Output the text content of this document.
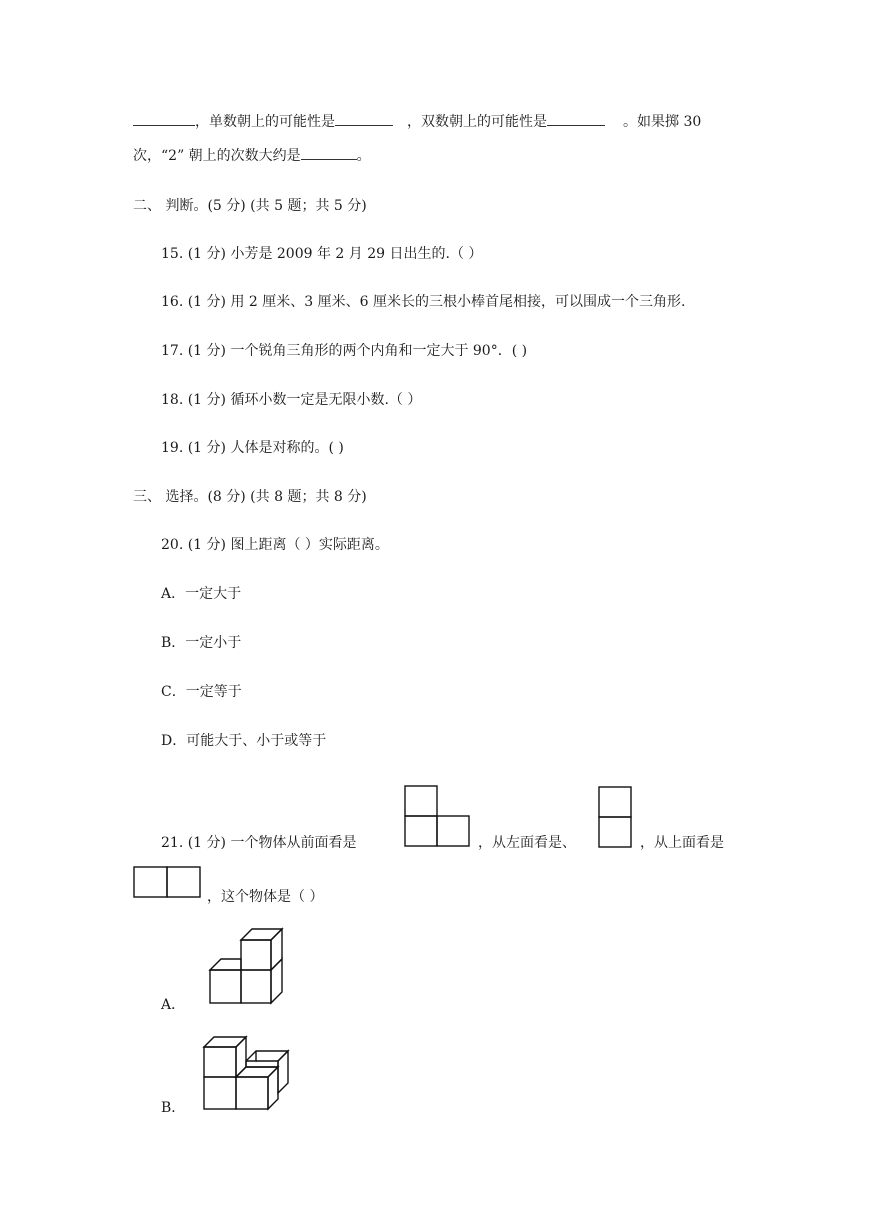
，单数朝上的可能性是	，双数朝上的可能性是	。如果掷 30
次，“2” 朝上的次数大约是	。
二、 判断。(5 分) (共 5 题；共 5 分)
15. (1 分) 小芳是 2009 年 2 月 29 日出生的.（ ）
16. (1 分) 用 2 厘米、3 厘米、6 厘米长的三根小棒首尾相接，可以围成一个三角形.
17. (1 分) 一个锐角三角形的两个内角和一定大于 90°．( )
18. (1 分) 循环小数一定是无限小数.（ ）
19. (1 分) 人体是对称的。( )
三、 选择。(8 分) (共 8 题；共 8 分)
20. (1 分) 图上距离（ ）实际距离。
A．一定大于
B．一定小于
C．一定等于
D．可能大于、小于或等于
21. (1 分) 一个物体从前面看是	，从左面看是、	，从上面看是
，这个物体是（ ）
A．
B．
